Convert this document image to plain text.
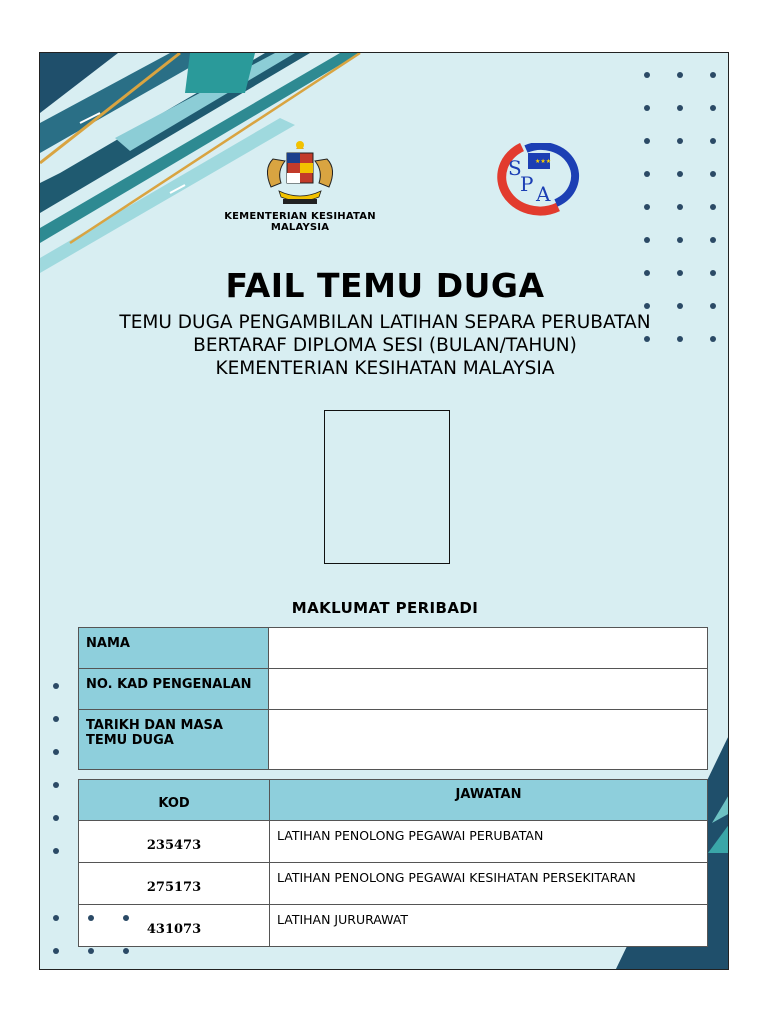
KEMENTERIAN KESIHATAN MALAYSIA
★★★
S
P A
FAIL TEMU DUGA
TEMU DUGA PENGAMBILAN LATIHAN SEPARA PERUBATAN
BERTARAF DIPLOMA SESI (BULAN/TAHUN)
KEMENTERIAN KESIHATAN MALAYSIA
MAKLUMAT PERIBADI
NAMA	
NO. KAD PENGENALAN	
TARIKH DAN MASA TEMU DUGA	
KOD	JAWATAN
235473	LATIHAN PENOLONG PEGAWAI PERUBATAN
275173	LATIHAN PENOLONG PEGAWAI KESIHATAN PERSEKITARAN
431073	LATIHAN JURURAWAT
